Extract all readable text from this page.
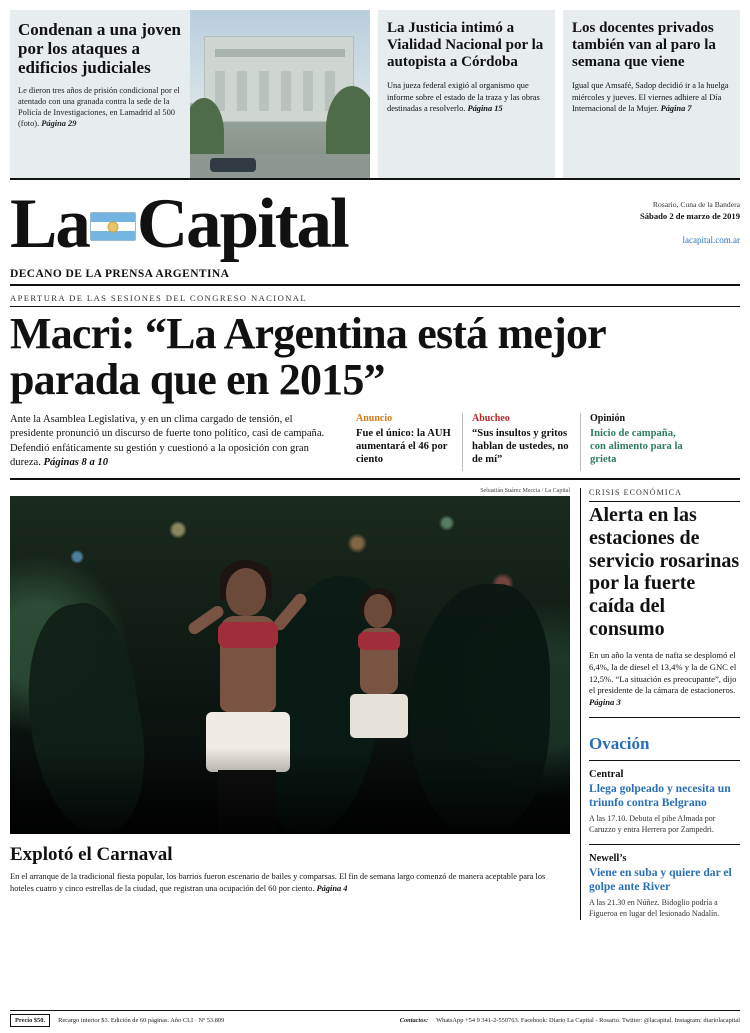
Condenan a una joven por los ataques a edificios judiciales
Le dieron tres años de prisión condicional por el atentado con una granada contra la sede de la Policía de Investigaciones, en Lamadrid al 500 (foto). Página 29
La Justicia intimó a Vialidad Nacional por la autopista a Córdoba
Una jueza federal exigió al organismo que informe sobre el estado de la traza y las obras destinadas a resolverlo. Página 15
Los docentes privados también van al paro la semana que viene
Igual que Amsafé, Sadop decidió ir a la huelga miércoles y jueves. El viernes adhiere al Día Internacional de la Mujer. Página 7
La Capital
DECANO DE LA PRENSA ARGENTINA
Rosario, Cuna de la Bandera
Sábado 2 de marzo de 2019
lacapital.com.ar
APERTURA DE LAS SESIONES DEL CONGRESO NACIONAL
Macri: “La Argentina está mejor parada que en 2015”
Ante la Asamblea Legislativa, y en un clima cargado de tensión, el presidente pronunció un discurso de fuerte tono político, casi de campaña. Defendió enfáticamente su gestión y cuestionó a la oposición con gran dureza. Páginas 8 a 10
Anuncio
Fue el único: la AUH aumentará el 46 por ciento
Abucheo
“Sus insultos y gritos hablan de ustedes, no de mí”
Opinión
Inicio de campaña, con alimento para la grieta
Sebastián Suárez Meccia / La Capital
Explotó el Carnaval
En el arranque de la tradicional fiesta popular, los barrios fueron escenario de bailes y comparsas. El fin de semana largo comenzó de manera aceptable para los hoteles cuatro y cinco estrellas de la ciudad, que registran una ocupación del 60 por ciento. Página 4
CRISIS ECONÓMICA
Alerta en las estaciones de servicio rosarinas por la fuerte caída del consumo
En un año la venta de nafta se desplomó el 6,4%, la de diesel el 13,4% y la de GNC el 12,5%. “La situación es preocupante”, dijo el presidente de la cámara de estacioneros. Página 3
Ovación
Central
Llega golpeado y necesita un triunfo contra Belgrano
A las 17.10. Debuta el pibe Almada por Caruzzo y entra Herrera por Zampedri.
Newell’s
Viene en suba y quiere dar el golpe ante River
A las 21.30 en Núñez. Bidoglio podría a Figueroa en lugar del lesionado Nadalín.
Precio $50.	Recargo interior $3. Edición de 60 páginas. Año CLI · Nº 53.809	Contactos: WhatsApp +54 9 341-2-550763. Facebook: Diario La Capital - Rosario. Twitter: @lacapital. Instagram: diariolacapital
